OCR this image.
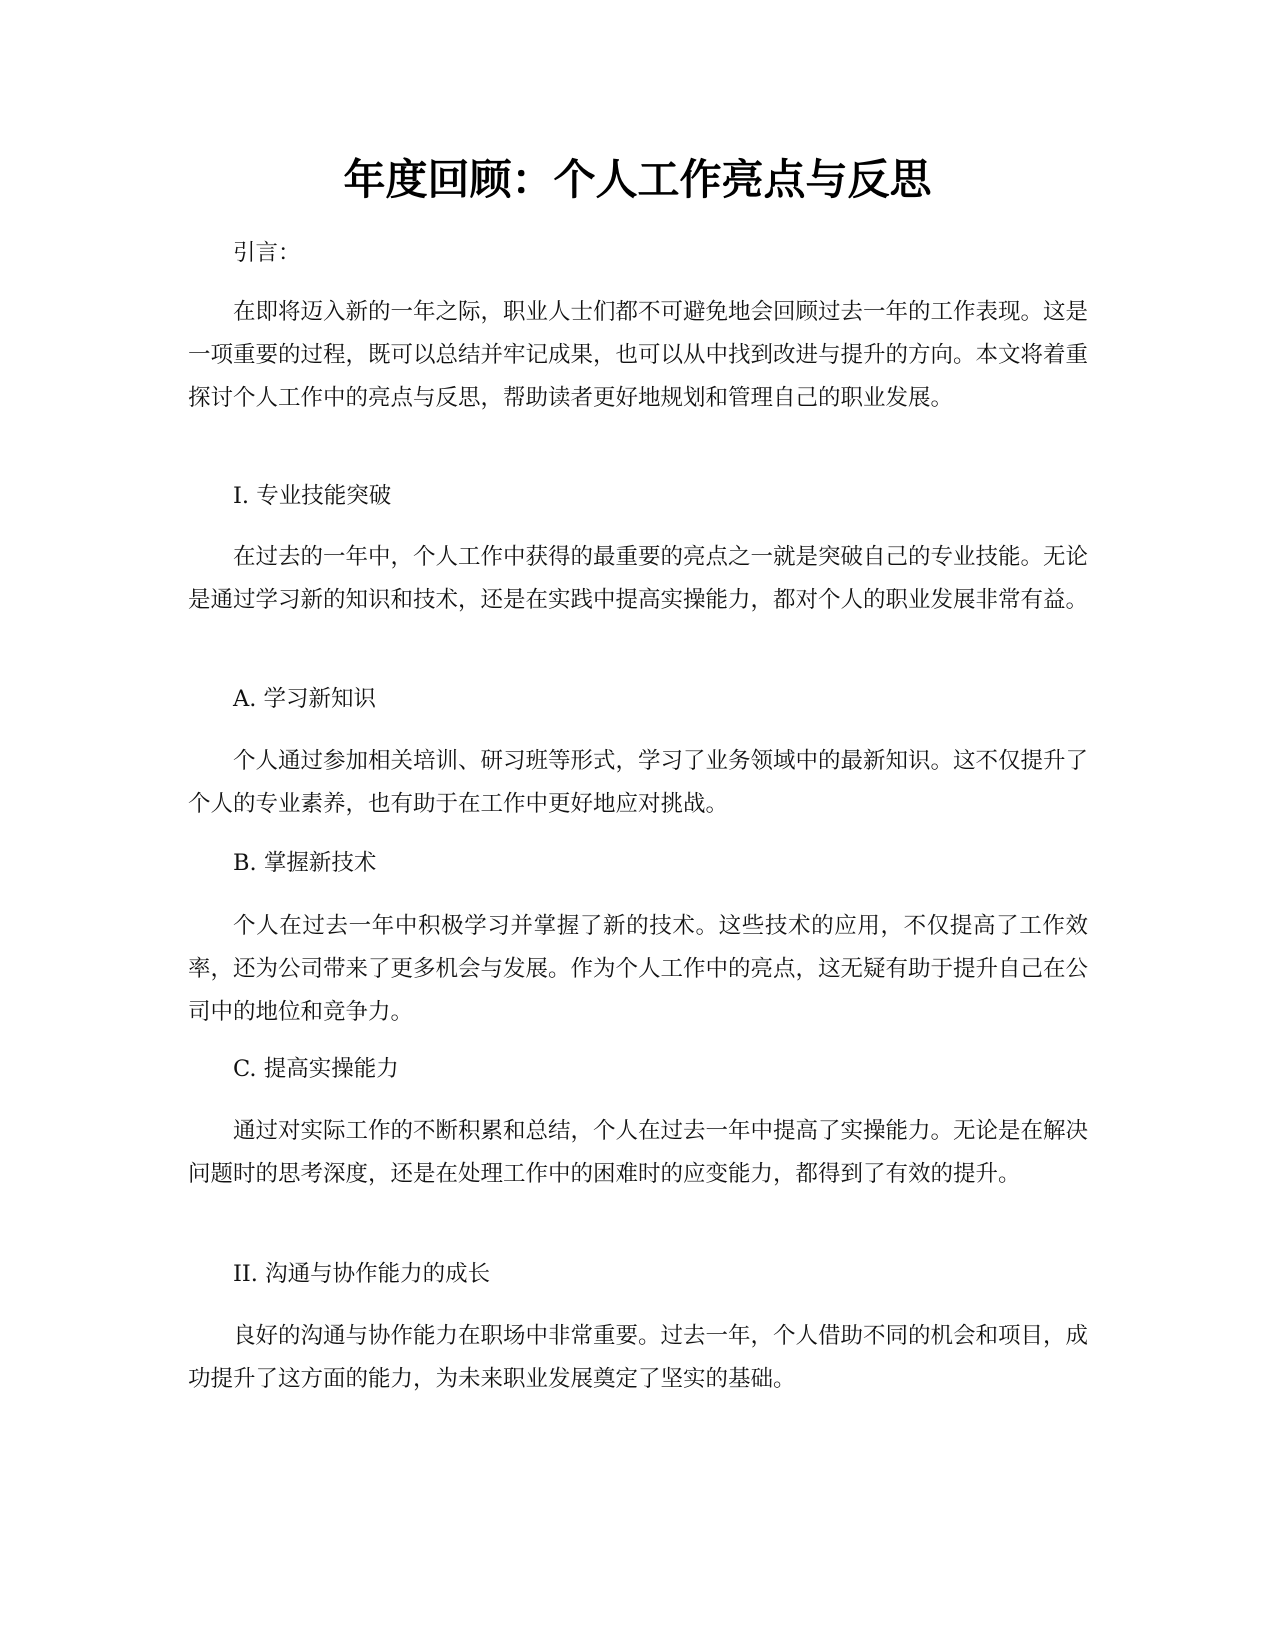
年度回顾：个人工作亮点与反思

引言：

在即将迈入新的一年之际，职业人士们都不可避免地会回顾过去一年的工作表现。这是一项重要的过程，既可以总结并牢记成果，也可以从中找到改进与提升的方向。本文将着重探讨个人工作中的亮点与反思，帮助读者更好地规划和管理自己的职业发展。

I. 专业技能突破

在过去的一年中，个人工作中获得的最重要的亮点之一就是突破自己的专业技能。无论是通过学习新的知识和技术，还是在实践中提高实操能力，都对个人的职业发展非常有益。

A. 学习新知识

个人通过参加相关培训、研习班等形式，学习了业务领域中的最新知识。这不仅提升了个人的专业素养，也有助于在工作中更好地应对挑战。

B. 掌握新技术

个人在过去一年中积极学习并掌握了新的技术。这些技术的应用，不仅提高了工作效率，还为公司带来了更多机会与发展。作为个人工作中的亮点，这无疑有助于提升自己在公司中的地位和竞争力。

C. 提高实操能力

通过对实际工作的不断积累和总结，个人在过去一年中提高了实操能力。无论是在解决问题时的思考深度，还是在处理工作中的困难时的应变能力，都得到了有效的提升。

II. 沟通与协作能力的成长

良好的沟通与协作能力在职场中非常重要。过去一年，个人借助不同的机会和项目，成功提升了这方面的能力，为未来职业发展奠定了坚实的基础。
